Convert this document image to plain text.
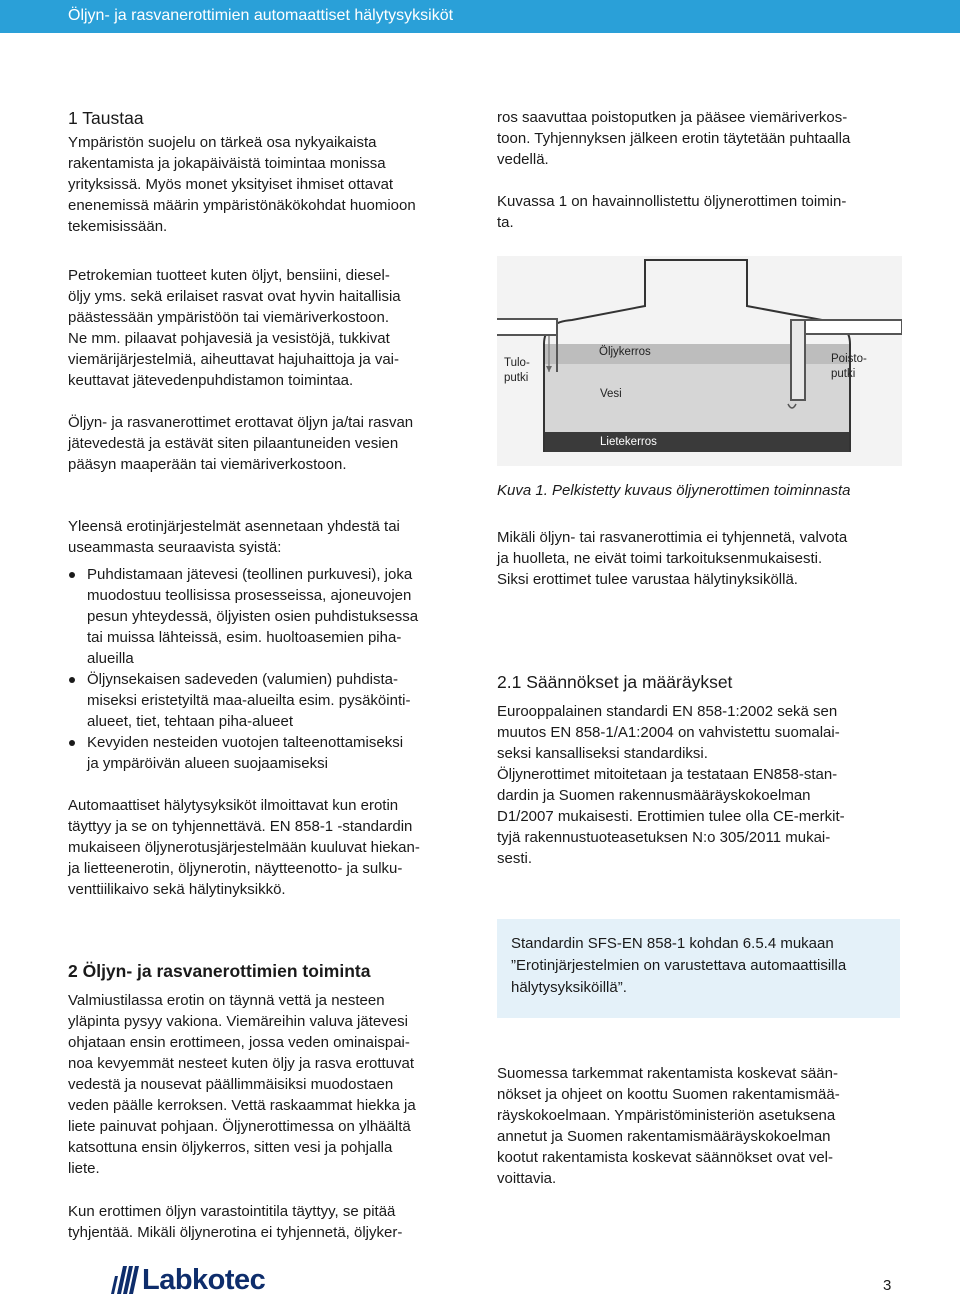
Öljyn- ja rasvanerottimien automaattiset hälytysyksiköt
1 Taustaa

Ympäristön suojelu on tärkeä osa nykyaikaista
rakentamista ja jokapäiväistä toimintaa monissa
yrityksissä. Myös monet yksityiset ihmiset ottavat
enenemissä määrin ympäristönäkökohdat huomioon
tekemisissään.

Petrokemian tuotteet kuten öljyt, bensiini, diesel-
öljy yms. sekä erilaiset rasvat ovat hyvin haitallisia
päästessään ympäristöön tai viemäriverkostoon.
Ne mm. pilaavat pohjavesiä ja vesistöjä, tukkivat
viemärijärjestelmiä, aiheuttavat hajuhaittoja ja vai-
keuttavat jätevedenpuhdistamon toimintaa.
Öljyn- ja rasvanerottimet erottavat öljyn ja/tai rasvan
jätevedestä ja estävät siten pilaantuneiden vesien
pääsyn maaperään tai viemäriverkostoon.
Yleensä erotinjärjestelmät asennetaan yhdestä tai
useammasta seuraavista syistä:
Puhdistamaan jätevesi (teollinen purkuvesi), joka
muodostuu teollisissa prosesseissa, ajoneuvojen
pesun yhteydessä, öljyisten osien puhdistuksessa
tai muissa lähteissä, esim. huoltoasemien piha-
alueilla
Öljynsekaisen sadeveden (valumien) puhdista-
miseksi eristetyiltä maa-alueilta esim. pysäköinti-
alueet, tiet, tehtaan piha-alueet
Kevyiden nesteiden vuotojen talteenottamiseksi
ja ympäröivän alueen suojaamiseksi
Automaattiset hälytysyksiköt ilmoittavat kun erotin
täyttyy ja se on tyhjennettävä. EN 858-1 -standardin
mukaiseen öljynerotusjärjestelmään kuuluvat hiekan-
ja lietteenerotin, öljynerotin, näytteenotto- ja sulku-
venttiilikaivo sekä hälytinyksikkö.
2 Öljyn- ja rasvanerottimien toiminta

Valmiustilassa erotin on täynnä vettä ja nesteen
yläpinta pysyy vakiona. Viemäreihin valuva jätevesi
ohjataan ensin erottimeen, jossa veden ominaispai-
noa kevyemmät nesteet kuten öljy ja rasva erottuvat
vedestä ja nousevat päällimmäisiksi muodostaen
veden päälle kerroksen. Vettä raskaammat hiekka ja
liete painuvat pohjaan. Öljynerottimessa on ylhäältä
katsottuna ensin öljykerros, sitten vesi ja pohjalla
liete.

Kun erottimen öljyn varastointitila täyttyy, se pitää
tyhjentää. Mikäli öljynerotina ei tyhjennetä, öljyker-
ros saavuttaa poistoputken ja pääsee viemäriverkos-
toon. Tyhjennyksen jälkeen erotin täytetään puhtaalla
vedellä.
Kuvassa 1 on havainnollistettu öljynerottimen toimin-
ta.
Tulo-
putki
Poisto-
putki
Öljykerros
Vesi
Lietekerros
Kuva 1. Pelkistetty kuvaus öljynerottimen toiminnasta
Mikäli öljyn- tai rasvanerottimia ei tyhjennetä, valvota
ja huolleta, ne eivät toimi tarkoituksenmukaisesti.
Siksi erottimet tulee varustaa hälytinyksiköllä.
2.1 Säännökset ja määräykset

Eurooppalainen standardi EN 858-1:2002 sekä sen
muutos EN 858-1/A1:2004 on vahvistettu suomalai-
seksi kansalliseksi standardiksi.
Öljynerottimet mitoitetaan ja testataan EN858-stan-
dardin ja Suomen rakennusmääräyskokoelman
D1/2007 mukaisesti. Erottimien tulee olla CE-merkit-
tyjä rakennustuoteasetuksen N:o 305/2011 mukai-
sesti.

Standardin SFS-EN 858-1 kohdan 6.5.4 mukaan
”Erotinjärjestelmien on varustettava automaattisilla
hälytysyksiköillä”.
Suomessa tarkemmat rakentamista koskevat sään-
nökset ja ohjeet on koottu Suomen rakentamismää-
räyskokoelmaan. Ympäristöministeriön asetuksena
annetut ja Suomen rakentamismääräyskokoelman
kootut rakentamista koskevat säännökset ovat vel-
voittavia.
Labkotec	3
